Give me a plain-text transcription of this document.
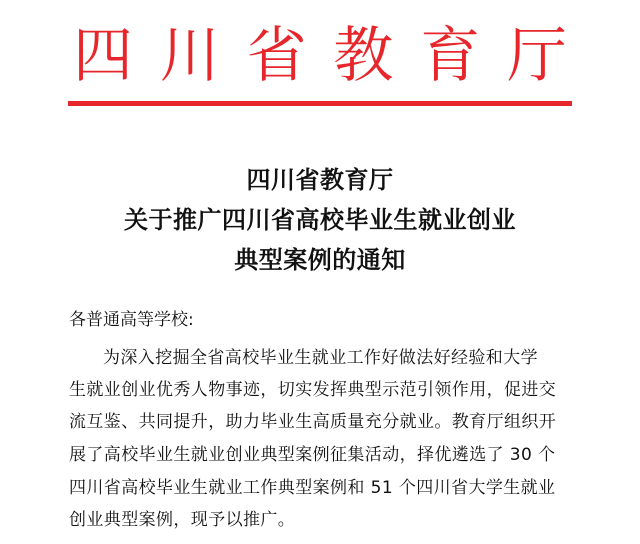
四 川 省 教 育 厅
四川省教育厅
关于推广四川省高校毕业生就业创业
典型案例的通知
各普通高等学校:
为深入挖掘全省高校毕业生就业工作好做法好经验和大学
生就业创业优秀人物事迹，切实发挥典型示范引领作用，促进交
流互鉴、共同提升，助力毕业生高质量充分就业。教育厅组织开
展了高校毕业生就业创业典型案例征集活动，择优遴选了 30 个
四川省高校毕业生就业工作典型案例和 51 个四川省大学生就业
创业典型案例，现予以推广。
